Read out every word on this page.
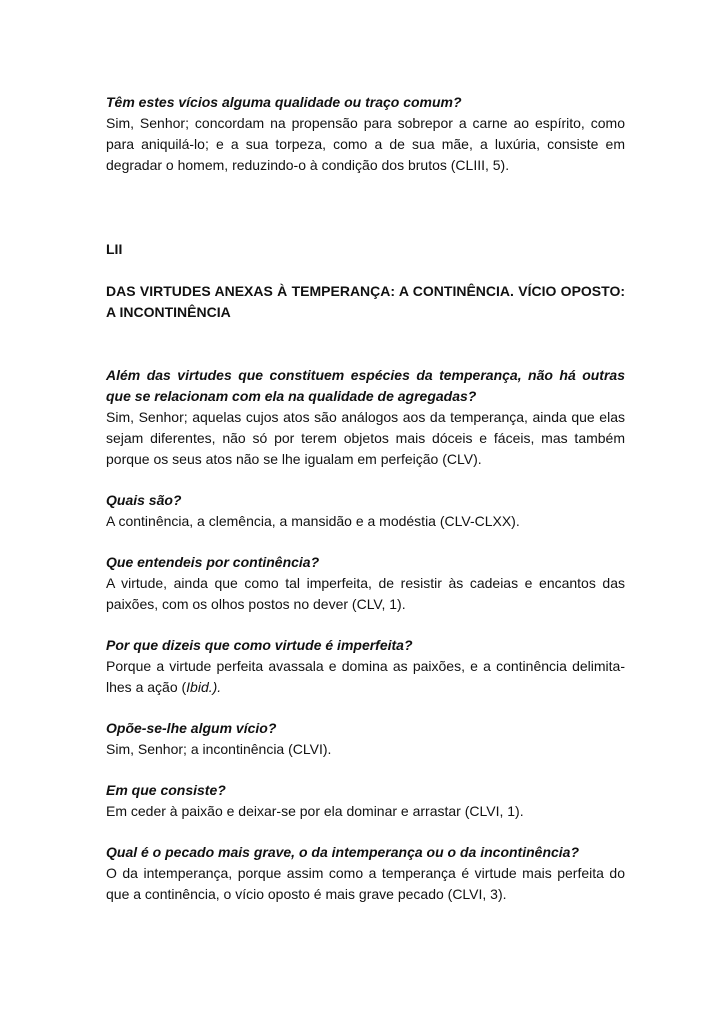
Têm estes vícios alguma qualidade ou traço comum?

Sim, Senhor; concordam na propensão para sobrepor a carne ao espírito, como para aniquilá-lo; e a sua torpeza, como a de sua mãe, a luxúria, consiste em degradar o homem, reduzindo-o à condição dos brutos (CLIII, 5).

LII

DAS VIRTUDES ANEXAS À TEMPERANÇA: A CONTINÊNCIA. VÍCIO OPOSTO: A INCONTINÊNCIA

Além das virtudes que constituem espécies da temperança, não há outras que se relacionam com ela na qualidade de agregadas?

Sim, Senhor; aquelas cujos atos são análogos aos da temperança, ainda que elas sejam diferentes, não só por terem objetos mais dóceis e fáceis, mas também porque os seus atos não se lhe igualam em perfeição (CLV).

Quais são?

A continência, a clemência, a mansidão e a modéstia (CLV-CLXX).

Que entendeis por continência?

A virtude, ainda que como tal imperfeita, de resistir às cadeias e encantos das paixões, com os olhos postos no dever (CLV, 1).

Por que dizeis que como virtude é imperfeita?

Porque a virtude perfeita avassala e domina as paixões, e a continência delimita-lhes a ação (Ibid.).

Opõe-se-lhe algum vício?

Sim, Senhor; a incontinência (CLVI).

Em que consiste?

Em ceder à paixão e deixar-se por ela dominar e arrastar (CLVI, 1).

Qual é o pecado mais grave, o da intemperança ou o da incontinência?

O da intemperança, porque assim como a temperança é virtude mais perfeita do que a continência, o vício oposto é mais grave pecado (CLVI, 3).
